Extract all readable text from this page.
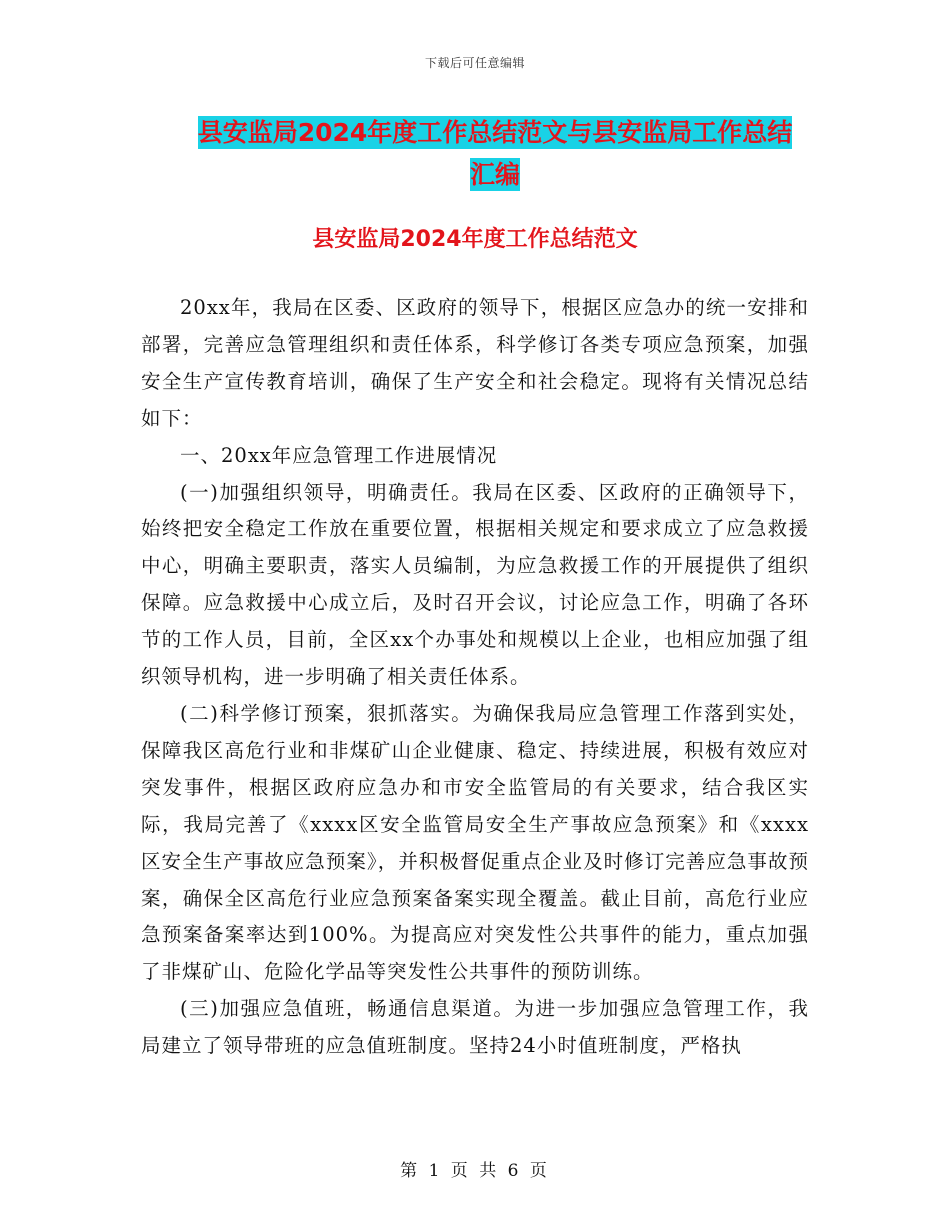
下载后可任意编辑
县安监局2024年度工作总结范文与县安监局工作总结
汇编
县安监局2024年度工作总结范文

20xx年，我局在区委、区政府的领导下，根据区应急办的统一安排和部署，完善应急管理组织和责任体系，科学修订各类专项应急预案，加强安全生产宣传教育培训，确保了生产安全和社会稳定。现将有关情况总结如下：

一、20xx年应急管理工作进展情况

(一)加强组织领导，明确责任。我局在区委、区政府的正确领导下，始终把安全稳定工作放在重要位置，根据相关规定和要求成立了应急救援中心，明确主要职责，落实人员编制，为应急救援工作的开展提供了组织保障。应急救援中心成立后，及时召开会议，讨论应急工作，明确了各环节的工作人员，目前，全区xx个办事处和规模以上企业，也相应加强了组织领导机构，进一步明确了相关责任体系。

(二)科学修订预案，狠抓落实。为确保我局应急管理工作落到实处，保障我区高危行业和非煤矿山企业健康、稳定、持续进展，积极有效应对突发事件，根据区政府应急办和市安全监管局的有关要求，结合我区实际，我局完善了《xxxx区安全监管局安全生产事故应急预案》和《xxxx区安全生产事故应急预案》，并积极督促重点企业及时修订完善应急事故预案，确保全区高危行业应急预案备案实现全覆盖。截止目前，高危行业应急预案备案率达到100%。为提高应对突发性公共事件的能力，重点加强了非煤矿山、危险化学品等突发性公共事件的预防训练。

(三)加强应急值班，畅通信息渠道。为进一步加强应急管理工作，我局建立了领导带班的应急值班制度。坚持24小时值班制度，严格执

第 1 页 共 6 页
